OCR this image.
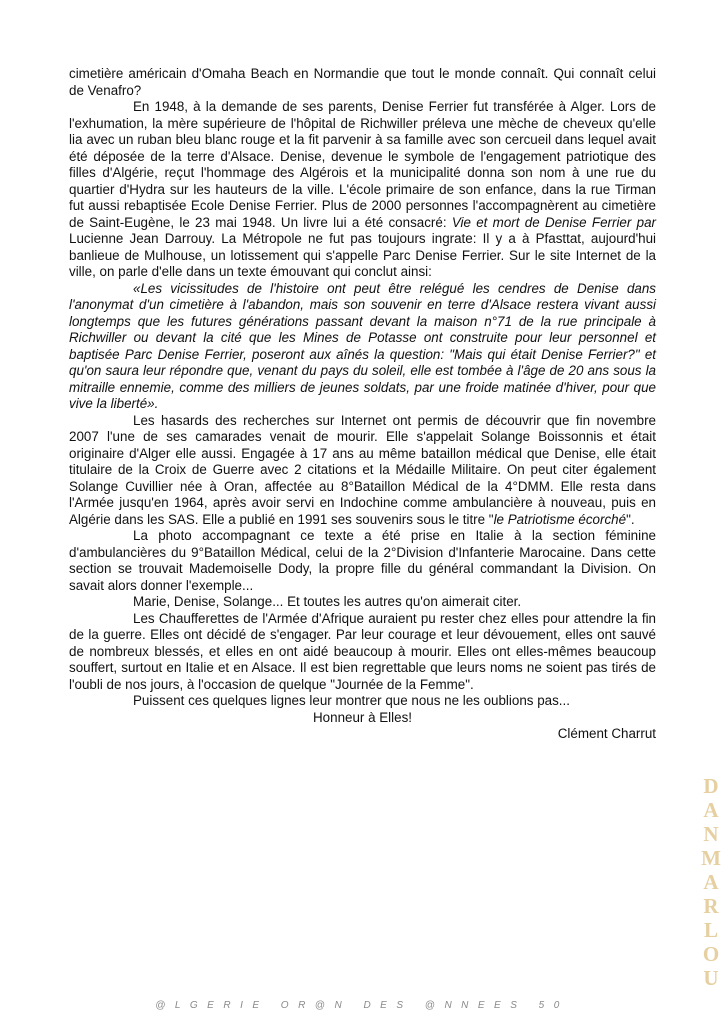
cimetière américain d'Omaha Beach en Normandie que tout le monde connaît. Qui connaît celui de Venafro?

En 1948, à la demande de ses parents, Denise Ferrier fut transférée à Alger. Lors de l'exhumation, la mère supérieure de l'hôpital de Richwiller préleva une mèche de cheveux qu'elle lia avec un ruban bleu blanc rouge et la fit parvenir à sa famille avec son cercueil dans lequel avait été déposée de la terre d'Alsace. Denise, devenue le symbole de l'engagement patriotique des filles d'Algérie, reçut l'hommage des Algérois et la municipalité donna son nom à une rue du quartier d'Hydra sur les hauteurs de la ville. L'école primaire de son enfance, dans la rue Tirman fut aussi rebaptisée Ecole Denise Ferrier. Plus de 2000 personnes l'accompagnèrent au cimetière de Saint-Eugène, le 23 mai 1948. Un livre lui a été consacré: Vie et mort de Denise Ferrier par Lucienne Jean Darrouy. La Métropole ne fut pas toujours ingrate: Il y a à Pfasttat, aujourd'hui banlieue de Mulhouse, un lotissement qui s'appelle Parc Denise Ferrier. Sur le site Internet de la ville, on parle d'elle dans un texte émouvant qui conclut ainsi:

«Les vicissitudes de l'histoire ont peut être relégué les cendres de Denise dans l'anonymat d'un cimetière à l'abandon, mais son souvenir en terre d'Alsace restera vivant aussi longtemps que les futures générations passant devant la maison n°71 de la rue principale à Richwiller ou devant la cité que les Mines de Potasse ont construite pour leur personnel et baptisée Parc Denise Ferrier, poseront aux aînés la question: "Mais qui était Denise Ferrier?" et qu'on saura leur répondre que, venant du pays du soleil, elle est tombée à l'âge de 20 ans sous la mitraille ennemie, comme des milliers de jeunes soldats, par une froide matinée d'hiver, pour que vive la liberté».

Les hasards des recherches sur Internet ont permis de découvrir que fin novembre 2007 l'une de ses camarades venait de mourir. Elle s'appelait Solange Boissonnis et était originaire d'Alger elle aussi. Engagée à 17 ans au même bataillon médical que Denise, elle était titulaire de la Croix de Guerre avec 2 citations et la Médaille Militaire. On peut citer également Solange Cuvillier née à Oran, affectée au 8°Bataillon Médical de la 4°DMM. Elle resta dans l'Armée jusqu'en 1964, après avoir servi en Indochine comme ambulancière à nouveau, puis en Algérie dans les SAS. Elle a publié en 1991 ses souvenirs sous le titre "le Patriotisme écorché".

La photo accompagnant ce texte a été prise en Italie à la section féminine d'ambulancières du 9°Bataillon Médical, celui de la 2°Division d'Infanterie Marocaine. Dans cette section se trouvait Mademoiselle Dody, la propre fille du général commandant la Division. On savait alors donner l'exemple...

Marie, Denise, Solange... Et toutes les autres qu'on aimerait citer.

Les Chaufferettes de l'Armée d'Afrique auraient pu rester chez elles pour attendre la fin de la guerre. Elles ont décidé de s'engager. Par leur courage et leur dévouement, elles ont sauvé de nombreux blessés, et elles en ont aidé beaucoup à mourir. Elles ont elles-mêmes beaucoup souffert, surtout en Italie et en Alsace. Il est bien regrettable que leurs noms ne soient pas tirés de l'oubli de nos jours, à l'occasion de quelque "Journée de la Femme".

Puissent ces quelques lignes leur montrer que nous ne les oublions pas...

Honneur à Elles!

Clément Charrut

DANMARLOU
@LGERIE OR@N DES @NNEES 50
